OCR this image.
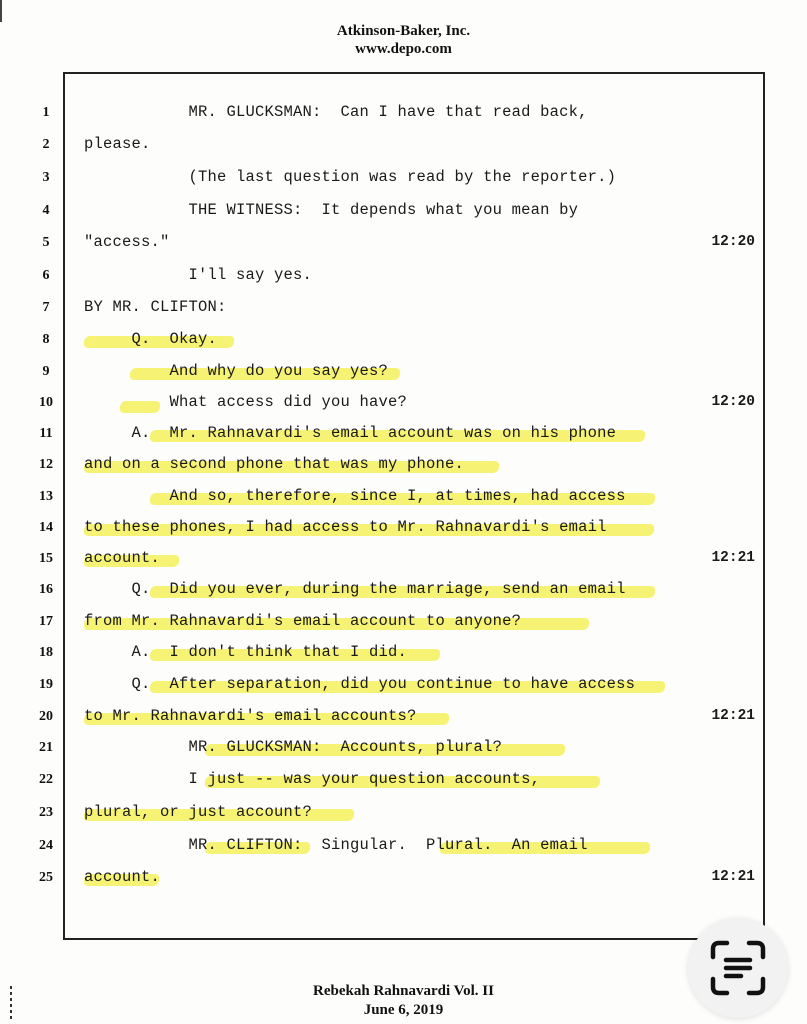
Atkinson-Baker, Inc.
www.depo.com
1	MR. GLUCKSMAN:  Can I have that read back,
2	please.
3	(The last question was read by the reporter.)
4	THE WITNESS:  It depends what you mean by
5	"access."	12:20
6	I'll say yes.
7	BY MR. CLIFTON:
8	Q.  Okay.
9	And why do you say yes?
10	What access did you have?	12:20
11	A.  Mr. Rahnavardi's email account was on his phone
12	and on a second phone that was my phone.
13	And so, therefore, since I, at times, had access
14	to these phones, I had access to Mr. Rahnavardi's email
15	account.	12:21
16	Q.  Did you ever, during the marriage, send an email
17	from Mr. Rahnavardi's email account to anyone?
18	A.  I don't think that I did.
19	Q.  After separation, did you continue to have access
20	to Mr. Rahnavardi's email accounts?	12:21
21	MR. GLUCKSMAN:  Accounts, plural?
22	I just -- was your question accounts,
23	plural, or just account?
24	MR. CLIFTON:  Singular.  Plural.  An email
25	account.	12:21
Rebekah Rahnavardi Vol. II
June 6, 2019
